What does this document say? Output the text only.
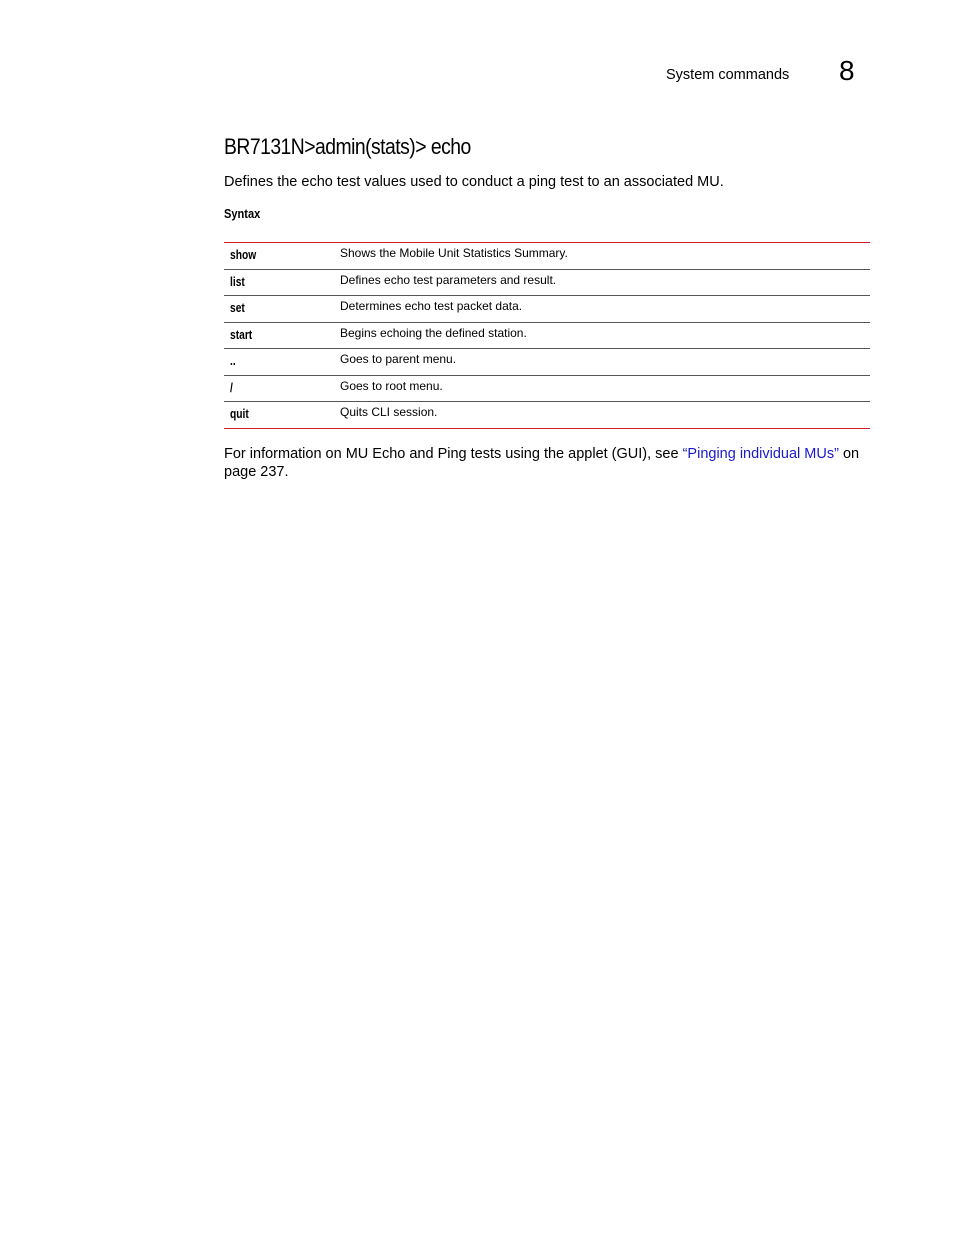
System commands 8
BR7131N>admin(stats)> echo

Defines the echo test values used to conduct a ping test to an associated MU.

Syntax
show	Shows the Mobile Unit Statistics Summary.
list	Defines echo test parameters and result.
set	Determines echo test packet data.
start	Begins echoing the defined station.
..	Goes to parent menu.
/	Goes to root menu.
quit	Quits CLI session.

For information on MU Echo and Ping tests using the applet (GUI), see “Pinging individual MUs” on page 237.
